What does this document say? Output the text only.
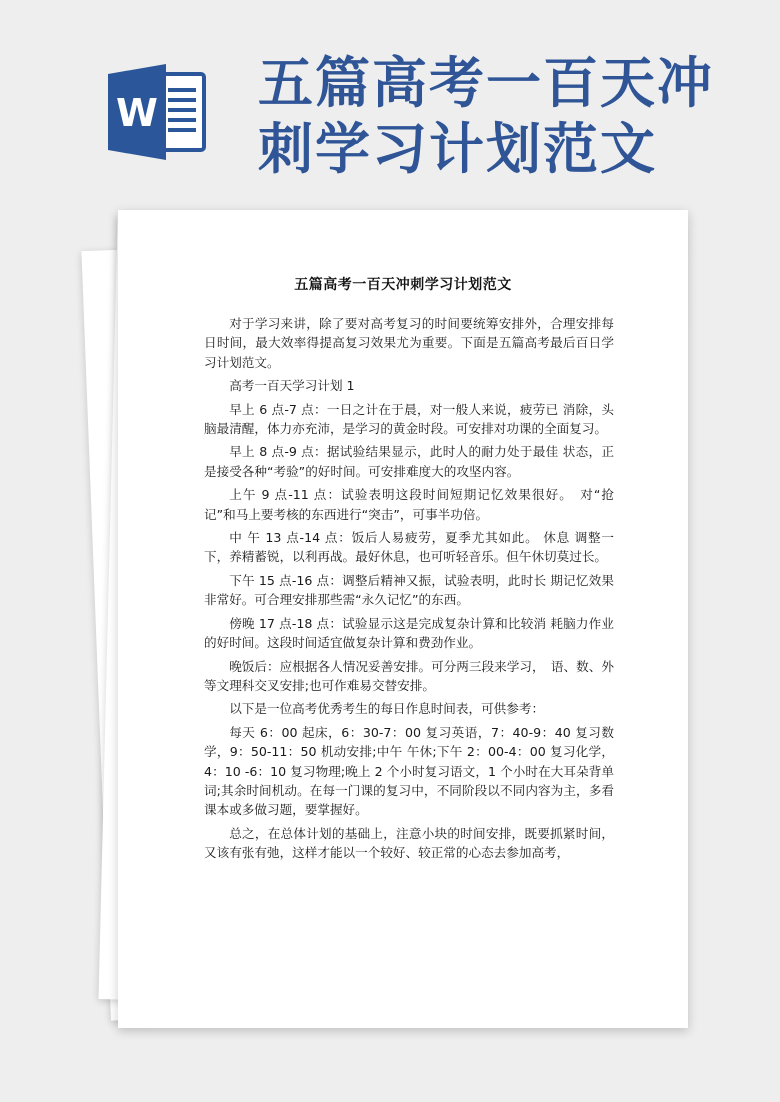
W 五篇高考一百天冲
刺学习计划范文
五篇高考一百天冲刺学习计划范文

对于学习来讲，除了要对高考复习的时间要统筹安排外，合理安排每日时间，最大效率得提高复习效果尤为重要。下面是五篇高考最后百日学习计划范文。

高考一百天学习计划 1

早上 6 点-7 点：一日之计在于晨，对一般人来说，疲劳已 消除，头脑最清醒，体力亦充沛，是学习的黄金时段。可安排对功课的全面复习。

早上 8 点-9 点：据试验结果显示，此时人的耐力处于最佳 状态，正是接受各种“考验”的好时间。可安排难度大的攻坚内容。

上午 9 点-11 点：试验表明这段时间短期记忆效果很好。　对“抢记”和马上要考核的东西进行“突击”，可事半功倍。

中 午 13 点-14 点：饭后人易疲劳，夏季尤其如此。 休息 调整一下，养精蓄锐，以利再战。最好休息，也可听轻音乐。但午休切莫过长。

下午 15 点-16 点：调整后精神又振，试验表明，此时长 期记忆效果非常好。可合理安排那些需“永久记忆”的东西。

傍晚 17 点-18 点：试验显示这是完成复杂计算和比较消 耗脑力作业的好时间。这段时间适宜做复杂计算和费劲作业。

晚饭后：应根据各人情况妥善安排。可分两三段来学习，　语、数、外等文理科交叉安排;也可作难易交替安排。

以下是一位高考优秀考生的每日作息时间表，可供参考：

每天 6：00 起床，6：30-7：00 复习英语，7：40-9：40 复习数学，9：50-11：50 机动安排;中午 午休;下午 2：00-4：00 复习化学，4：10 -6：10 复习物理;晚上 2 个小时复习语文，1 个小时在大耳朵背单词;其余时间机动。在每一门课的复习中，不同阶段以不同内容为主，多看课本或多做习题，要掌握好。

总之，在总体计划的基础上，注意小块的时间安排，既要抓紧时间，又该有张有弛，这样才能以一个较好、较正常的心态去参加高考，
